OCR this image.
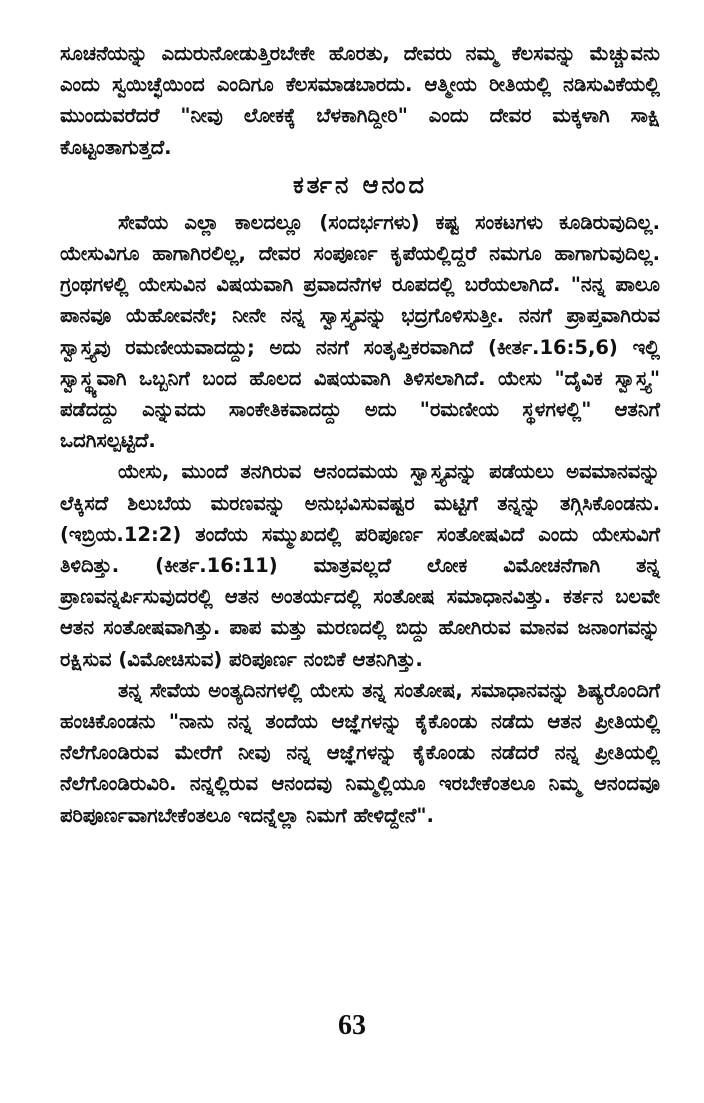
ಸೂಚನೆಯನ್ನು ಎದುರುನೋಡುತ್ತಿರಬೇಕೇ ಹೊರತು, ದೇವರು ನಮ್ಮ ಕೆಲಸವನ್ನು ಮೆಚ್ಚುವನು ಎಂದು ಸ್ವಯಿಚ್ಛೆಯಿಂದ ಎಂದಿಗೂ ಕೆಲಸಮಾಡಬಾರದು. ಆತ್ಮೀಯ ರೀತಿಯಲ್ಲಿ ನಡಿಸುವಿಕೆಯಲ್ಲಿ ಮುಂದುವರೆದರೆ "ನೀವು ಲೋಕಕ್ಕೆ ಬೆಳಕಾಗಿದ್ದೀರಿ" ಎಂದು ದೇವರ ಮಕ್ಕಳಾಗಿ ಸಾಕ್ಷಿ ಕೊಟ್ಟಂತಾಗುತ್ತದೆ.

ಕರ್ತನ ಆನಂದ

ಸೇವೆಯ ಎಲ್ಲಾ ಕಾಲದಲ್ಲೂ (ಸಂದರ್ಭಗಳು) ಕಷ್ಟ ಸಂಕಟಗಳು ಕೂಡಿರುವುದಿಲ್ಲ. ಯೇಸುವಿಗೂ ಹಾಗಾಗಿರಲಿಲ್ಲ, ದೇವರ ಸಂಪೂರ್ಣ ಕೃಪೆಯಲ್ಲಿದ್ದರೆ ನಮಗೂ ಹಾಗಾಗುವುದಿಲ್ಲ. ಗ್ರಂಥಗಳಲ್ಲಿ ಯೇಸುವಿನ ವಿಷಯವಾಗಿ ಪ್ರವಾದನೆಗಳ ರೂಪದಲ್ಲಿ ಬರೆಯಲಾಗಿದೆ. "ನನ್ನ ಪಾಲೂ ಪಾನವೂ ಯೆಹೋವನೇ; ನೀನೇ ನನ್ನ ಸ್ವಾಸ್ತ್ಯವನ್ನು ಭದ್ರಗೊಳಿಸುತ್ತೀ. ನನಗೆ ಪ್ರಾಪ್ತವಾಗಿರುವ ಸ್ವಾಸ್ತ್ಯವು ರಮಣೀಯವಾದದ್ದು; ಅದು ನನಗೆ ಸಂತೃಪ್ತಿಕರವಾಗಿದೆ (ಕೀರ್ತ.16:5,6) ಇಲ್ಲಿ ಸ್ವಾಸ್ಥ್ಯವಾಗಿ ಒಬ್ಬನಿಗೆ ಬಂದ ಹೊಲದ ವಿಷಯವಾಗಿ ತಿಳಿಸಲಾಗಿದೆ. ಯೇಸು "ದೈವಿಕ ಸ್ವಾಸ್ತ್ಯ" ಪಡೆದದ್ದು ಎನ್ನುವದು ಸಾಂಕೇತಿಕವಾದದ್ದು ಅದು "ರಮಣೀಯ ಸ್ಥಳಗಳಲ್ಲಿ" ಆತನಿಗೆ ಒದಗಿಸಲ್ಪಟ್ಟಿದೆ.

ಯೇಸು, ಮುಂದೆ ತನಗಿರುವ ಆನಂದಮಯ ಸ್ವಾಸ್ತ್ಯವನ್ನು ಪಡೆಯಲು ಅವಮಾನವನ್ನು ಲೆಕ್ಕಿಸದೆ ಶಿಲುಬೆಯ ಮರಣವನ್ನು ಅನುಭವಿಸುವಷ್ಟರ ಮಟ್ಟಿಗೆ ತನ್ನನ್ನು ತಗ್ಗಿಸಿಕೊಂಡನು. (ಇಬ್ರಿಯ.12:2) ತಂದೆಯ ಸಮ್ಮುಖದಲ್ಲಿ ಪರಿಪೂರ್ಣ ಸಂತೋಷವಿದೆ ಎಂದು ಯೇಸುವಿಗೆ ತಿಳಿದಿತ್ತು. (ಕೀರ್ತ.16:11) ಮಾತ್ರವಲ್ಲದೆ ಲೋಕ ವಿಮೋಚನೆಗಾಗಿ ತನ್ನ ಪ್ರಾಣವನ್ನರ್ಪಿಸುವುದರಲ್ಲಿ ಆತನ ಅಂತರ್ಯದಲ್ಲಿ ಸಂತೋಷ ಸಮಾಧಾನವಿತ್ತು. ಕರ್ತನ ಬಲವೇ ಆತನ ಸಂತೋಷವಾಗಿತ್ತು. ಪಾಪ ಮತ್ತು ಮರಣದಲ್ಲಿ ಬಿದ್ದು ಹೋಗಿರುವ ಮಾನವ ಜನಾಂಗವನ್ನು ರಕ್ಷಿಸುವ (ವಿಮೋಚಿಸುವ) ಪರಿಪೂರ್ಣ ನಂಬಿಕೆ ಆತನಿಗಿತ್ತು.

ತನ್ನ ಸೇವೆಯ ಅಂತ್ಯದಿನಗಳಲ್ಲಿ ಯೇಸು ತನ್ನ ಸಂತೋಷ, ಸಮಾಧಾನವನ್ನು ಶಿಷ್ಯರೊಂದಿಗೆ ಹಂಚಿಕೊಂಡನು "ನಾನು ನನ್ನ ತಂದೆಯ ಆಜ್ಞೆಗಳನ್ನು ಕೈಕೊಂಡು ನಡೆದು ಆತನ ಪ್ರೀತಿಯಲ್ಲಿ ನೆಲೆಗೊಂಡಿರುವ ಮೇರೆಗೆ ನೀವು ನನ್ನ ಆಜ್ಞೆಗಳನ್ನು ಕೈಕೊಂಡು ನಡೆದರೆ ನನ್ನ ಪ್ರೀತಿಯಲ್ಲಿ ನೆಲೆಗೊಂಡಿರುವಿರಿ. ನನ್ನಲ್ಲಿರುವ ಆನಂದವು ನಿಮ್ಮಲ್ಲಿಯೂ ಇರಬೇಕೆಂತಲೂ ನಿಮ್ಮ ಆನಂದವೂ ಪರಿಪೂರ್ಣವಾಗಬೇಕೆಂತಲೂ ಇದನ್ನೆಲ್ಲಾ ನಿಮಗೆ ಹೇಳಿದ್ದೇನೆ".

63
